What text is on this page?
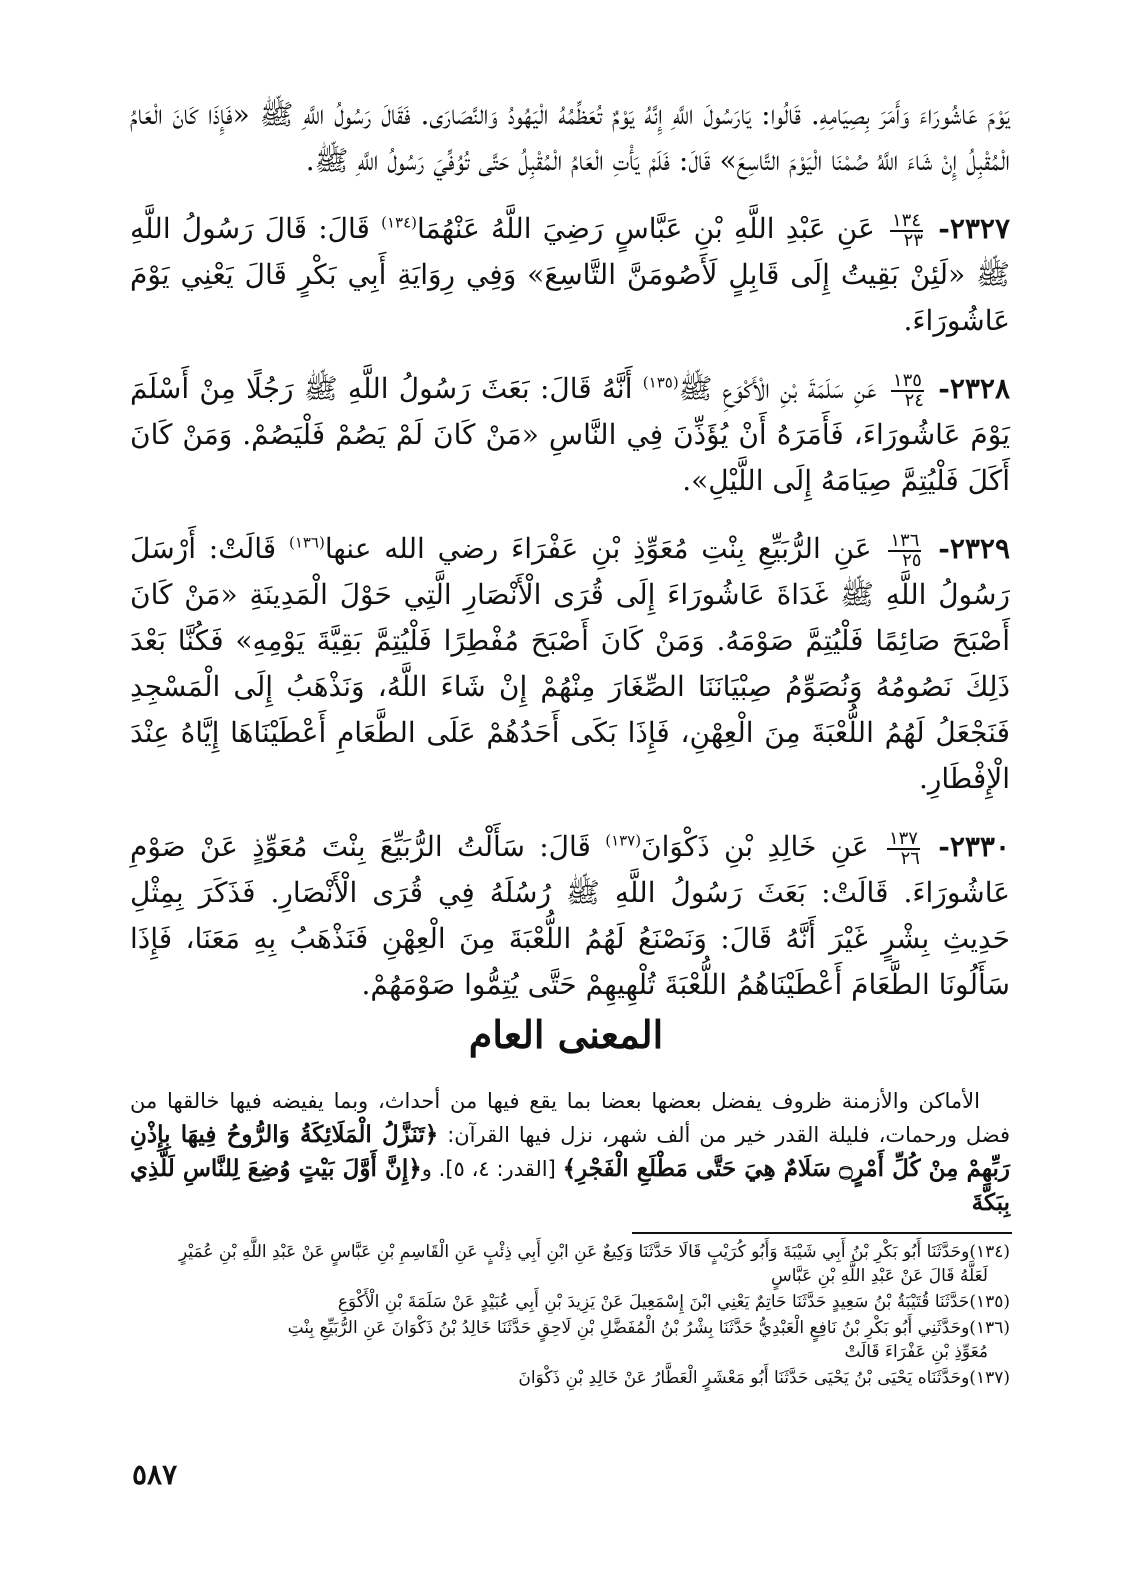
يَوْمَ عَاشُورَاءَ وَأَمَرَ بِصِيَامِهِ. قَالُوا: يَارَسُولَ اللَّهِ إِنَّهُ يَوْمٌ تُعَظِّمُهُ الْيَهُودُ وَالنَّصَارَى. فَقَالَ رَسُولُ اللَّهِ ﷺ «فَإِذَا كَانَ الْعَامُ الْمُقْبِلُ إِنْ شَاءَ اللَّهُ صُمْنَا الْيَوْمَ التَّاسِعَ» قَالَ: فَلَمْ يَأْتِ الْعَامُ الْمُقْبِلُ حَتَّى تُوُفِّيَ رَسُولُ اللَّهِ ﷺ.

٢٣٢٧-
$\frac{١٣٤}{٢٣}$
عَنِ عَبْدِ اللَّهِ بْنِ عَبَّاسٍ رَضِيَ اللَّهُ عَنْهُمَا$^{(١٣٤)}$ قَالَ: قَالَ رَسُولُ اللَّهِ ﷺ «لَئِنْ بَقِيتُ إِلَى قَابِلٍ لَأَصُومَنَّ التَّاسِعَ» وَفِي رِوَايَةِ أَبِي بَكْرٍ قَالَ يَعْنِي يَوْمَ عَاشُورَاءَ.

٢٣٢٨-
$\frac{١٣٥}{٢٤}$
عَنِ سَلَمَةَ بْنِ الْأَكْوَعِ ﷺ$^{(١٣٥)}$ أَنَّهُ قَالَ: بَعَثَ رَسُولُ اللَّهِ ﷺ رَجُلًا مِنْ أَسْلَمَ يَوْمَ عَاشُورَاءَ، فَأَمَرَهُ أَنْ يُؤَذِّنَ فِي النَّاسِ «مَنْ كَانَ لَمْ يَصُمْ فَلْيَصُمْ. وَمَنْ كَانَ أَكَلَ فَلْيُتِمَّ صِيَامَهُ إِلَى اللَّيْلِ».

٢٣٢٩-
$\frac{١٣٦}{٢٥}$
عَنِ الرُّبَيِّعِ بِنْتِ مُعَوِّذِ بْنِ عَفْرَاءَ رضي الله عنها$^{(١٣٦)}$ قَالَتْ: أَرْسَلَ رَسُولُ اللَّهِ ﷺ غَدَاةَ عَاشُورَاءَ إِلَى قُرَى الْأَنْصَارِ الَّتِي حَوْلَ الْمَدِينَةِ «مَنْ كَانَ أَصْبَحَ صَائِمًا فَلْيُتِمَّ صَوْمَهُ. وَمَنْ كَانَ أَصْبَحَ مُفْطِرًا فَلْيُتِمَّ بَقِيَّةَ يَوْمِهِ» فَكُنَّا بَعْدَ ذَلِكَ نَصُومُهُ وَنُصَوِّمُ صِبْيَانَنَا الصِّغَارَ مِنْهُمْ إِنْ شَاءَ اللَّهُ، وَنَذْهَبُ إِلَى الْمَسْجِدِ فَنَجْعَلُ لَهُمُ اللُّعْبَةَ مِنَ الْعِهْنِ، فَإِذَا بَكَى أَحَدُهُمْ عَلَى الطَّعَامِ أَعْطَيْنَاهَا إِيَّاهُ عِنْدَ الْإِفْطَارِ.

٢٣٣٠-
$\frac{١٣٧}{٢٦}$
عَنِ خَالِدِ بْنِ ذَكْوَانَ$^{(١٣٧)}$ قَالَ: سَأَلْتُ الرُّبَيِّعَ بِنْتَ مُعَوِّذٍ عَنْ صَوْمِ عَاشُورَاءَ. قَالَتْ: بَعَثَ رَسُولُ اللَّهِ ﷺ رُسُلَهُ فِي قُرَى الْأَنْصَارِ. فَذَكَرَ بِمِثْلِ حَدِيثِ بِشْرٍ غَيْرَ أَنَّهُ قَالَ: وَنَصْنَعُ لَهُمُ اللُّعْبَةَ مِنَ الْعِهْنِ فَنَذْهَبُ بِهِ مَعَنَا، فَإِذَا سَأَلُونَا الطَّعَامَ أَعْطَيْنَاهُمُ اللُّعْبَةَ تُلْهِيهِمْ حَتَّى يُتِمُّوا صَوْمَهُمْ.

المعنى العام
الأماكن والأزمنة ظروف يفضل بعضها بعضا بما يقع فيها من أحداث، وبما يفيضه فيها خالقها من فضل ورحمات، فليلة القدر خير من ألف شهر، نزل فيها القرآن: ﴿تَنَزَّلُ الْمَلَائِكَةُ وَالرُّوحُ فِيهَا بِإِذْنِ رَبِّهِمْ مِنْ كُلِّ أَمْرٍ۝ سَلَامٌ هِيَ حَتَّى مَطْلَعِ الْفَجْرِ﴾ [القدر: ٤، ٥]. و﴿إِنَّ أَوَّلَ بَيْتٍ وُضِعَ لِلنَّاسِ لَلَّذِي بِبَكَّةَ
(١٣٤)وحَدَّثَنَا أَبُو بَكْرِ بْنُ أَبِي شَيْبَةَ وَأَبُو كُرَيْبٍ قَالَا حَدَّثَنَا وَكِيعٌ عَنِ ابْنِ أَبِي ذِئْبٍ عَنِ الْقَاسِمِ بْنِ عَبَّاسٍ عَنْ عَبْدِ اللَّهِ بْنِ عُمَيْرٍ
لَعَلَّهُ قَالَ عَنْ عَبْدِ اللَّهِ بْنِ عَبَّاسٍ
(١٣٥)حَدَّثَنَا قُتَيْبَةُ بْنُ سَعِيدٍ حَدَّثَنَا حَاتِمٌ يَعْنِي ابْنَ إِسْمَعِيلَ عَنْ يَزِيدَ بْنِ أَبِي عُبَيْدٍ عَنْ سَلَمَةَ بْنِ الْأَكْوَعِ
(١٣٦)وحَدَّثَنِي أَبُو بَكْرِ بْنُ نَافِعٍ الْعَبْدِيُّ حَدَّثَنَا بِشْرُ بْنُ الْمُفَضَّلِ بْنِ لَاحِقٍ حَدَّثَنَا خَالِدُ بْنُ ذَكْوَانَ عَنِ الرُّبَيِّعِ بِنْتِ
مُعَوِّذِ بْنِ عَفْرَاءَ قَالَتْ
(١٣٧)وحَدَّثَنَاه يَحْيَى بْنُ يَحْيَى حَدَّثَنَا أَبُو مَعْشَرٍ الْعَطَّارُ عَنْ خَالِدِ بْنِ ذَكْوَانَ
٥٨٧
